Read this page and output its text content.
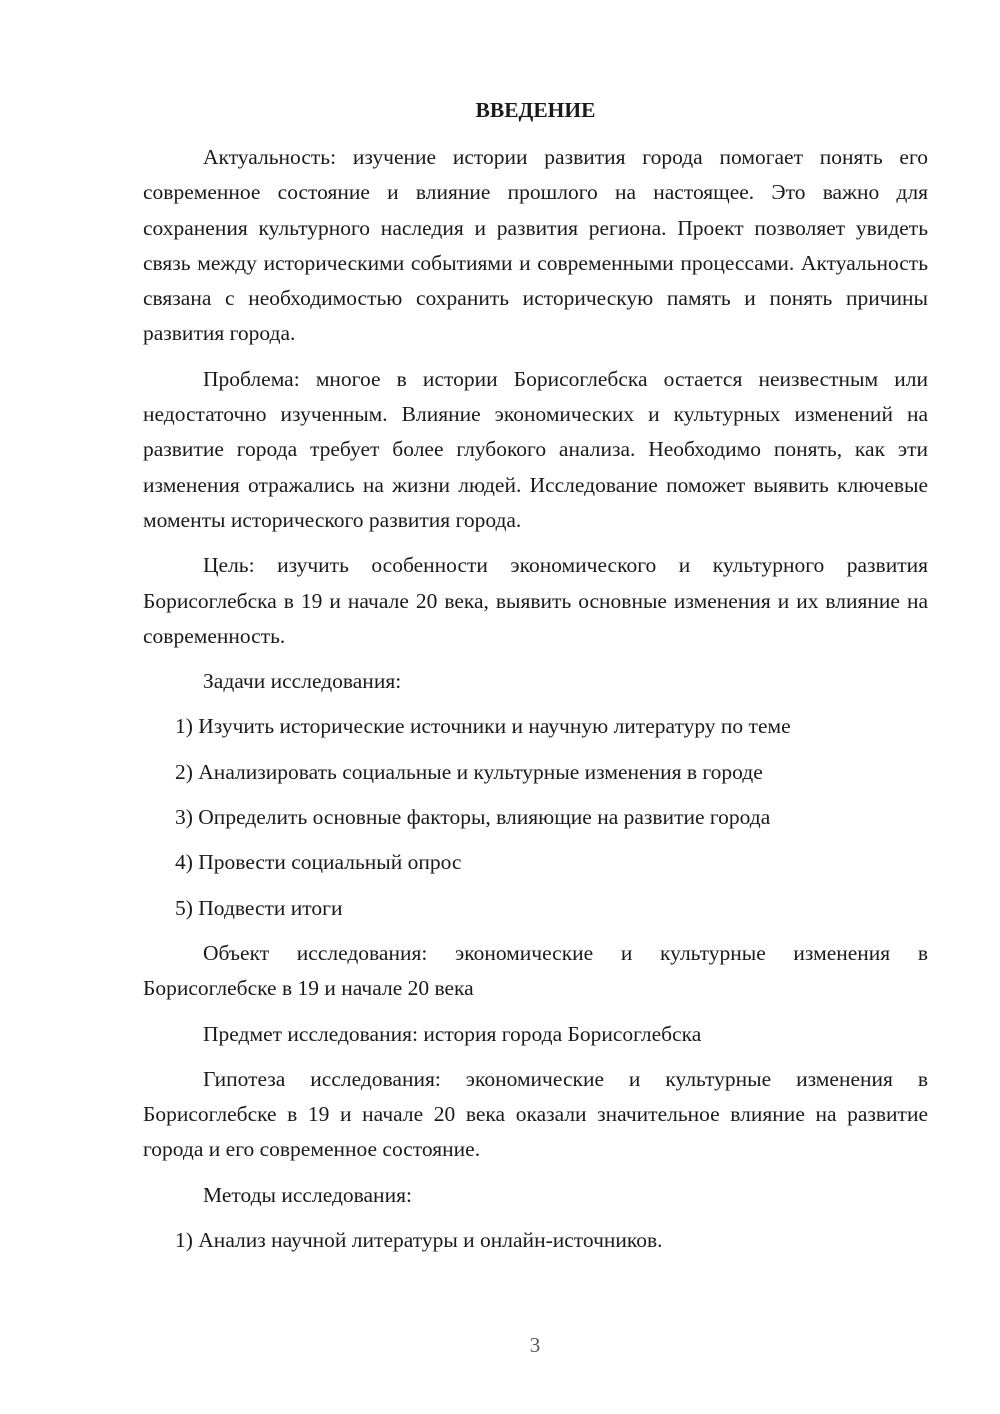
ВВЕДЕНИЕ
Актуальность: изучение истории развития города помогает понять его современное состояние и влияние прошлого на настоящее. Это важно для сохранения культурного наследия и развития региона. Проект позволяет увидеть связь между историческими событиями и современными процессами. Актуальность связана с необходимостью сохранить историческую память и понять причины развития города.
Проблема: многое в истории Борисоглебска остается неизвестным или недостаточно изученным. Влияние экономических и культурных изменений на развитие города требует более глубокого анализа. Необходимо понять, как эти изменения отражались на жизни людей. Исследование поможет выявить ключевые моменты исторического развития города.
Цель: изучить особенности экономического и культурного развития Борисоглебска в 19 и начале 20 века, выявить основные изменения и их влияние на современность.
Задачи исследования:
1) Изучить исторические источники и научную литературу по теме
2) Анализировать социальные и культурные изменения в городе
3) Определить основные факторы, влияющие на развитие города
4) Провести социальный опрос
5) Подвести итоги
Объект исследования: экономические и культурные изменения в Борисоглебске в 19 и начале 20 века
Предмет исследования: история города Борисоглебска
Гипотеза исследования: экономические и культурные изменения в Борисоглебске в 19 и начале 20 века оказали значительное влияние на развитие города и его современное состояние.
Методы исследования:
1) Анализ научной литературы и онлайн-источников.
3
